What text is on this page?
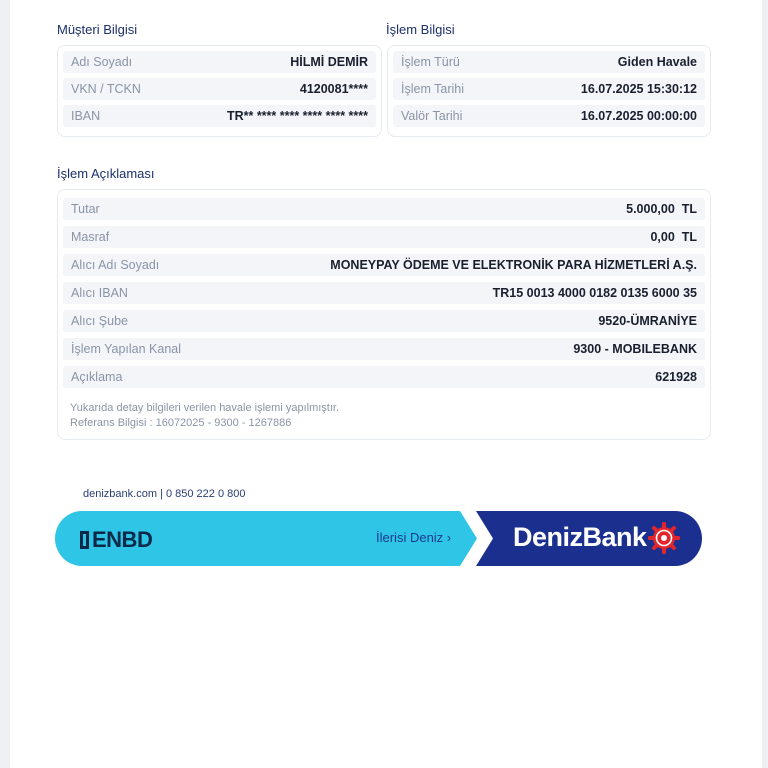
Müşteri Bilgisi
Adı Soyadı	HİLMİ DEMİR
VKN / TCKN	4120081****
IBAN	TR** **** **** **** **** ****
İşlem Bilgisi
İşlem Türü	Giden Havale
İşlem Tarihi	16.07.2025 15:30:12
Valör Tarihi	16.07.2025 00:00:00
İşlem Açıklaması
Tutar	5.000,00  TL
Masraf	0,00  TL
Alıcı Adı Soyadı	MONEYPAY ÖDEME VE ELEKTRONİK PARA HİZMETLERİ A.Ş.
Alıcı IBAN	TR15 0013 4000 0182 0135 6000 35
Alıcı Şube	9520-ÜMRANİYE
İşlem Yapılan Kanal	9300 - MOBILEBANK
Açıklama	621928
Yukarıda detay bilgileri verilen havale işlemi yapılmıştır.
Referans Bilgisi : 16072025 - 9300 - 1267886
denizbank.com | 0 850 222 0 800
ENBD	İlerisi Deniz › DenizBank
